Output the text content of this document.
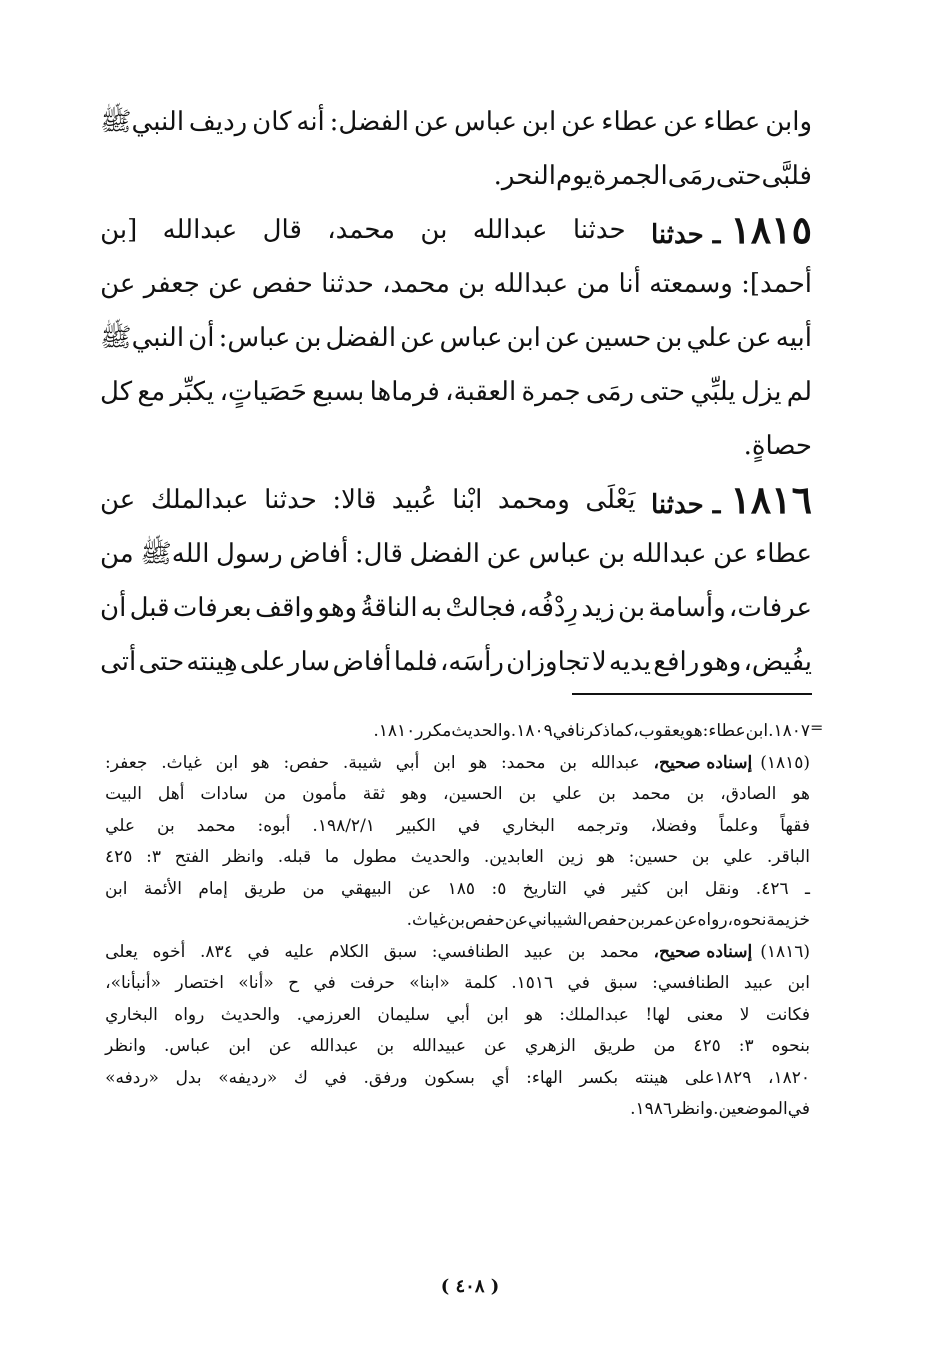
وابن
عطاء
عن
عطاء
عن
ابن
عباس
عن
الفضل:
أنه
كان
رديف
النبيﷺ
فلبَّى
حتى
رمَى
الجمرة
يوم
النحر.
١٨١٥ـ حدثنا
حدثنا
عبدالله
بن
محمد،
قال
عبدالله
[بن
أحمد]:
وسمعته
أنا
من
عبدالله
بن
محمد،
حدثنا
حفص
عن
جعفر
عن
أبيه
عن
علي
بن
حسين
عن
ابن
عباس
عن
الفضل
بن
عباس:
أن
النبيﷺ
لم
يزل
يلبِّي
حتى
رمَى
جمرة
العقبة،
فرماها
بسبع
حَصَياتٍ،
يكبِّر
مع
كل
حصاةٍ.
١٨١٦ـ حدثنا
يَعْلَى
ومحمد
ابْنا
عُبيد
قالا:
حدثنا
عبدالملك
عن
عطاء
عن
عبدالله
بن
عباس
عن
الفضل
قال:
أفاض
رسول
اللهﷺ
من
عرفات،
وأسامة
بن
زيد
رِدْفُه،
فجالتْ
به
الناقةُ
وهو
واقف
بعرفات
قبل
أن
يفُيض،
وهو
رافع
يديه
لا
تجاوزان
رأسَه،
فلما
أفاض
سار
على
هِينته
حتى
أتى
=
١٨٠٧.
ابن
عطاء:
هو
يعقوب،
كما
ذكرنا
في
١٨٠٩.
والحديث
مكرر
١٨١٠.
(١٨١٥)إسناده صحيح،
عبدالله
بن
محمد:
هو
ابن
أبي
شيبة.
حفص:
هو
ابن
غياث.
جعفر:
هو
الصادق،
بن
محمد
بن
علي
بن
الحسين،
وهو
ثقة
مأمون
من
سادات
أهل
البيت
فقهاً
وعلماً
وفضلا،
وترجمه
البخاري
في
الكبير
١٩٨/٢/١.
أبوه:
محمد
بن
علي
الباقر.
علي
بن
حسين:
هو
زين
العابدين.
والحديث
مطول
ما
قبله.
وانظر
الفتح
٣:
٤٢٥
ـ
٤٢٦.
ونقل
ابن
كثير
في
التاريخ
٥:
١٨٥
عن
البيهقي
من
طريق
إمام
الأئمة
ابن
خزيمة
نحوه،
رواه
عن
عمر
بن
حفص
الشيباني
عن
حفص
بن
غياث.
(١٨١٦)إسناده صحيح،
محمد
بن
عبيد
الطنافسي:
سبق
الكلام
عليه
في
٨٣٤.
أخوه
يعلى
ابن
عبيد
الطنافسي:
سبق
في
١٥١٦.
كلمة
«ابنا»
حرفت
في
ح
«أنا»
اختصار
«أنبأنا»،
فكانت
لا
معنى
لها!
عبدالملك:
هو
ابن
أبي
سليمان
العرزمي.
والحديث
رواه
البخاري
بنحوه
٣:
٤٢٥
من
طريق
الزهري
عن
عبيدالله
بن
عبدالله
عن
ابن
عباس.
وانظر
١٨٢٠،
١٨٢٩على
هينته
بكسر
الهاء:
أي
بسكون
ورفق.
في
ك
«رديفه»
بدل
«ردفه»
في
الموضعين.
وانظر١٩٨٦.
( ٤٠٨ )
